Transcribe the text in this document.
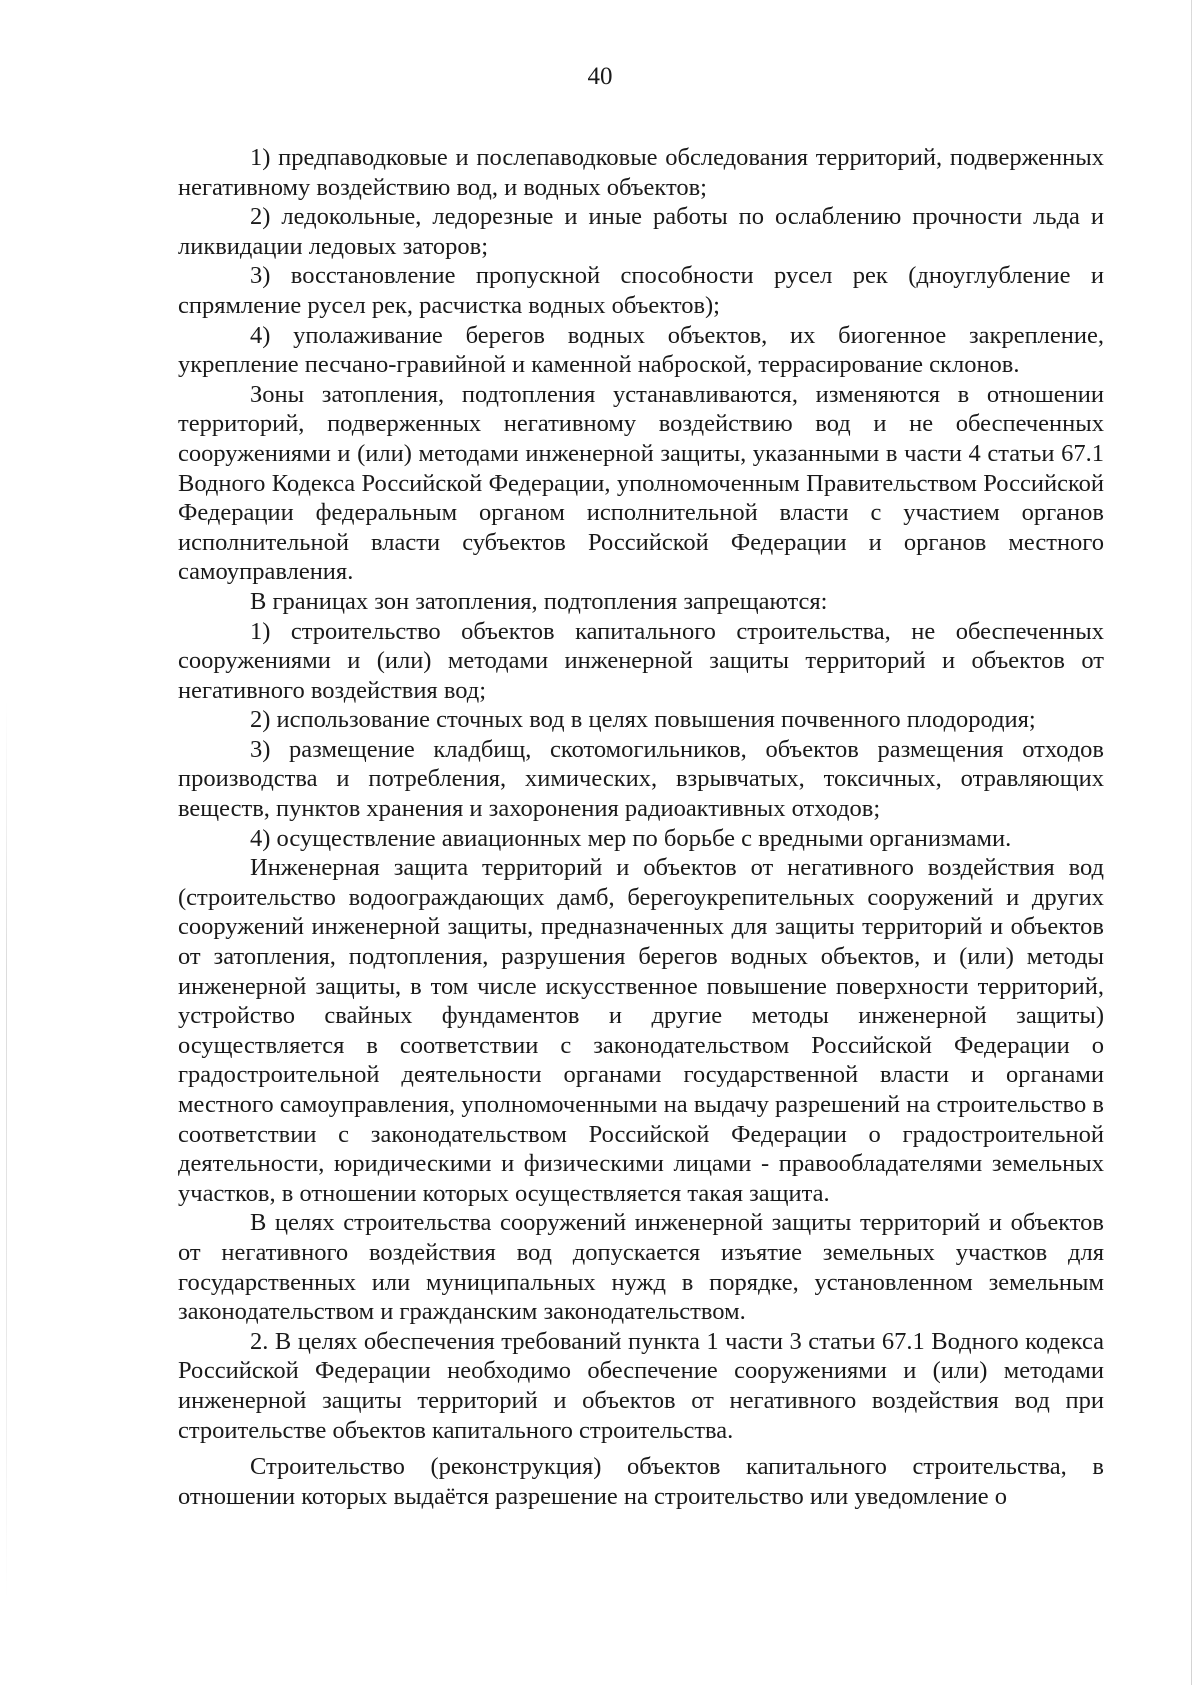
40

1) предпаводковые и послепаводковые обследования территорий, подверженных негативному воздействию вод, и водных объектов;

2) ледокольные, ледорезные и иные работы по ослаблению прочности льда и ликвидации ледовых заторов;

3) восстановление пропускной способности русел рек (дноуглубление и спрямление русел рек, расчистка водных объектов);

4) уполаживание берегов водных объектов, их биогенное закрепление, укрепление песчано-гравийной и каменной наброской, террасирование склонов.

Зоны затопления, подтопления устанавливаются, изменяются в отношении территорий, подверженных негативному воздействию вод и не обеспеченных сооружениями и (или) методами инженерной защиты, указанными в части 4 статьи 67.1 Водного Кодекса Российской Федерации, уполномоченным Правительством Российской Федерации федеральным органом исполнительной власти с участием органов исполнительной власти субъектов Российской Федерации и органов местного самоуправления.

В границах зон затопления, подтопления запрещаются:

1) строительство объектов капитального строительства, не обеспеченных сооружениями и (или) методами инженерной защиты территорий и объектов от негативного воздействия вод;

2) использование сточных вод в целях повышения почвенного плодородия;

3) размещение кладбищ, скотомогильников, объектов размещения отходов производства и потребления, химических, взрывчатых, токсичных, отравляющих веществ, пунктов хранения и захоронения радиоактивных отходов;

4) осуществление авиационных мер по борьбе с вредными организмами.

Инженерная защита территорий и объектов от негативного воздействия вод (строительство водоограждающих дамб, берегоукрепительных сооружений и других сооружений инженерной защиты, предназначенных для защиты территорий и объектов от затопления, подтопления, разрушения берегов водных объектов, и (или) методы инженерной защиты, в том числе искусственное повышение поверхности территорий, устройство свайных фундаментов и другие методы инженерной защиты) осуществляется в соответствии с законодательством Российской Федерации о градостроительной деятельности органами государственной власти и органами местного самоуправления, уполномоченными на выдачу разрешений на строительство в соответствии с законодательством Российской Федерации о градостроительной деятельности, юридическими и физическими лицами - правообладателями земельных участков, в отношении которых осуществляется такая защита.

В целях строительства сооружений инженерной защиты территорий и объектов от негативного воздействия вод допускается изъятие земельных участков для государственных или муниципальных нужд в порядке, установленном земельным законодательством и гражданским законодательством.

2. В целях обеспечения требований пункта 1 части 3 статьи 67.1 Водного кодекса Российской Федерации необходимо обеспечение сооружениями и (или) методами инженерной защиты территорий и объектов от негативного воздействия вод при строительстве объектов капитального строительства.

Строительство (реконструкция) объектов капитального строительства, в отношении которых выдаётся разрешение на строительство или уведомление о
